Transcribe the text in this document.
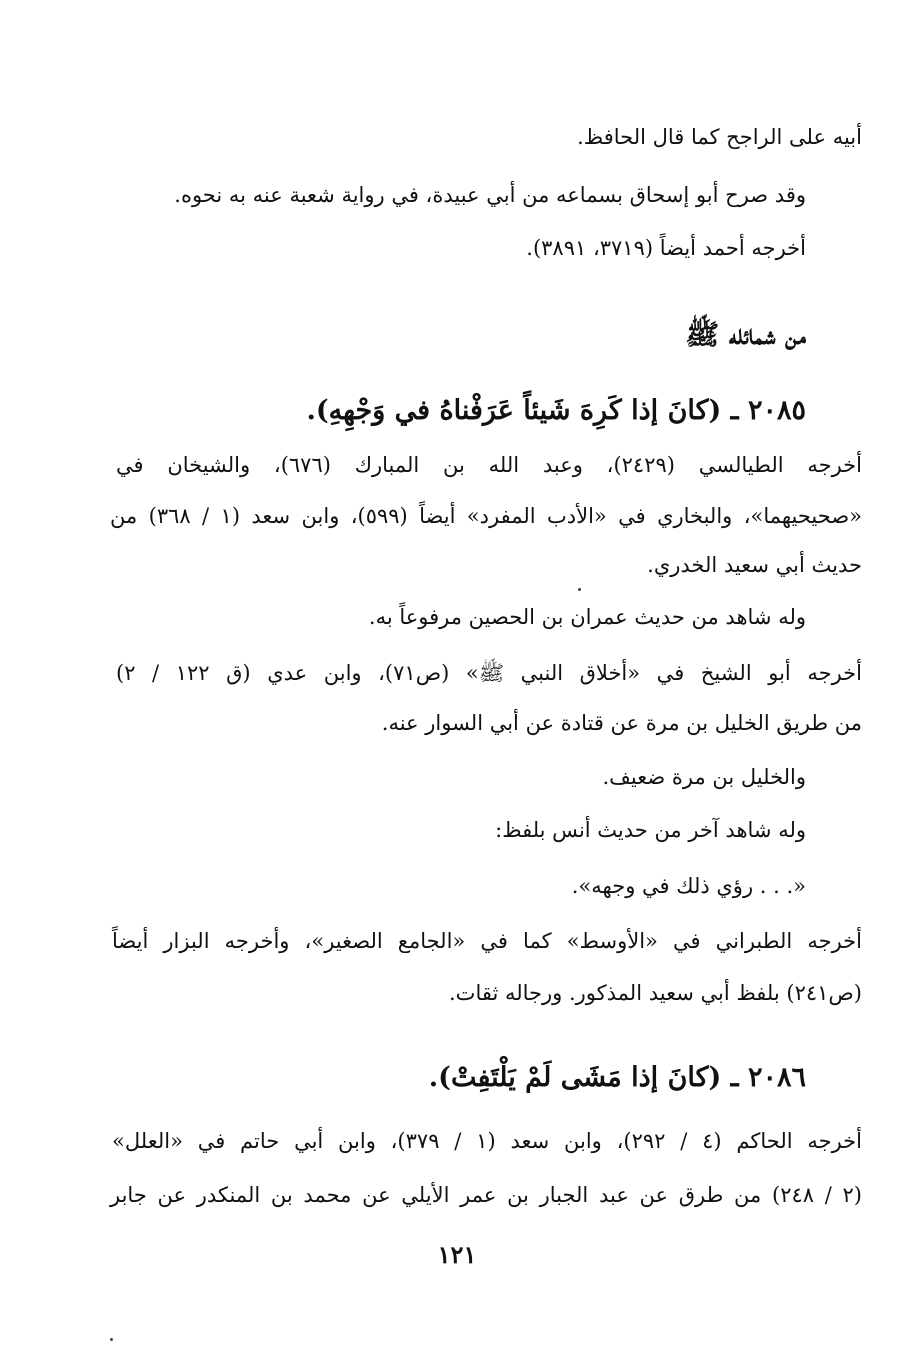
أبيه على الراجح كما قال الحافظ.
وقد صرح أبو إسحاق بسماعه من أبي عبيدة، في رواية شعبة عنه به نحوه.
أخرجه أحمد أيضاً (٣٧١٩، ٣٨٩١).
من شمائله ﷺ
٢٠٨٥ ـ (كانَ إذا كَرِهَ شَيئاً عَرَفْناهُ في وَجْهِهِ).
أخرجه الطيالسي (٢٤٢٩)، وعبد الله بن المبارك (٦٧٦)، والشيخان في
«صحيحيهما»، والبخاري في «الأدب المفرد» أيضاً (٥٩٩)، وابن سعد (١ / ٣٦٨) من
حديث أبي سعيد الخدري.
وله شاهد من حديث عمران بن الحصين مرفوعاً به.
أخرجه أبو الشيخ في «أخلاق النبي ﷺ» (ص٧١)، وابن عدي (ق ١٢٢ / ٢)
من طريق الخليل بن مرة عن قتادة عن أبي السوار عنه.
والخليل بن مرة ضعيف.
وله شاهد آخر من حديث أنس بلفظ:
«. . . رؤي ذلك في وجهه».
أخرجه الطبراني في «الأوسط» كما في «الجامع الصغير»، وأخرجه البزار أيضاً
(ص٢٤١) بلفظ أبي سعيد المذكور. ورجاله ثقات.
٢٠٨٦ ـ (كانَ إذا مَشَى لَمْ يَلْتَفِتْ).
أخرجه الحاكم (٤ / ٢٩٢)، وابن سعد (١ / ٣٧٩)، وابن أبي حاتم في «العلل»
(٢ / ٢٤٨) من طرق عن عبد الجبار بن عمر الأيلي عن محمد بن المنكدر عن جابر
١٢١
